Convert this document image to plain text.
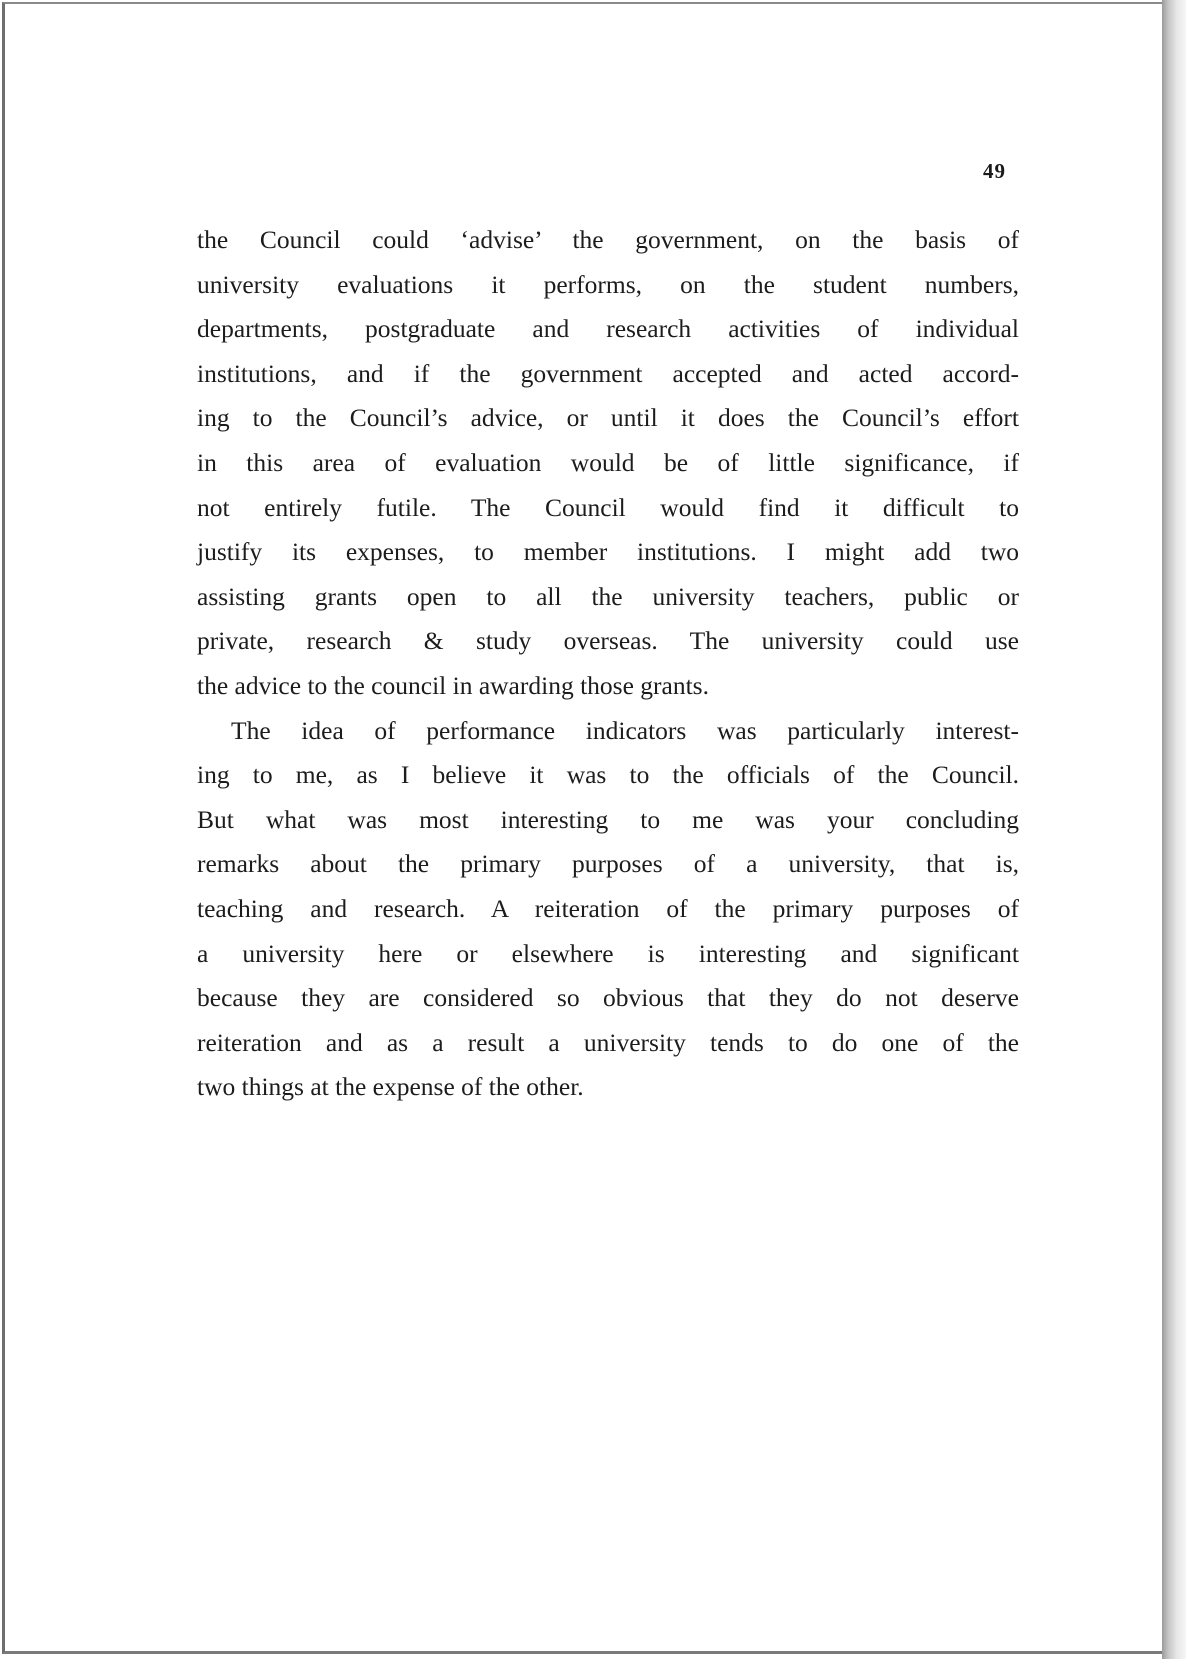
49
the Council could ‘advise’ the government, on the basis of
university evaluations it performs, on the student numbers,
departments, postgraduate and research activities of individual
institutions, and if the government accepted and acted accord-
ing to the Council’s advice, or until it does the Council’s effort
in this area of evaluation would be of little significance, if
not entirely futile. The Council would find it difficult to
justify its expenses, to member institutions. I might add two
assisting grants open to all the university teachers, public or
private, research & study overseas. The university could use
the advice to the council in awarding those grants.
The idea of performance indicators was particularly interest-
ing to me, as I believe it was to the officials of the Council.
But what was most interesting to me was your concluding
remarks about the primary purposes of a university, that is,
teaching and research. A reiteration of the primary purposes of
a university here or elsewhere is interesting and significant
because they are considered so obvious that they do not deserve
reiteration and as a result a university tends to do one of the
two things at the expense of the other.
